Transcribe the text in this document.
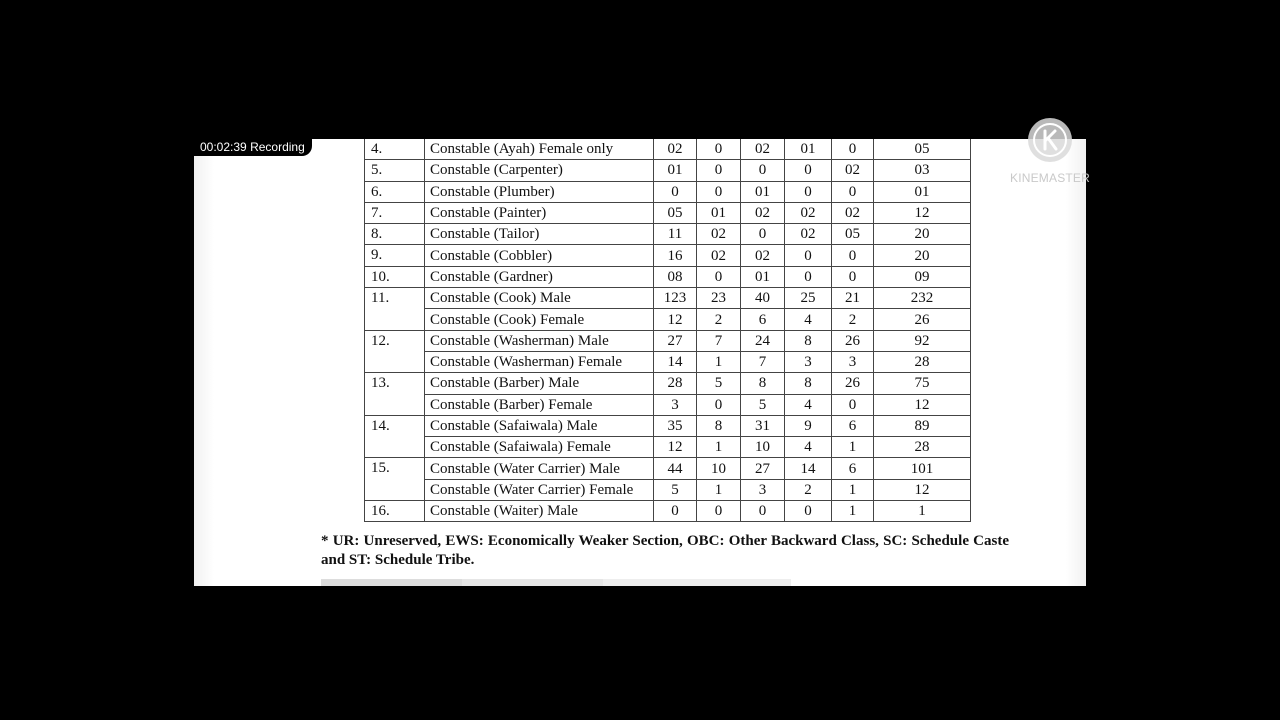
4.	Constable (Ayah) Female only	02	0	02	01	0	05
5.	Constable (Carpenter)	01	0	0	0	02	03
6.	Constable (Plumber)	0	0	01	0	0	01
7.	Constable (Painter)	05	01	02	02	02	12
8.	Constable (Tailor)	11	02	0	02	05	20
9.	Constable (Cobbler)	16	02	02	0	0	20
10.	Constable (Gardner)	08	0	01	0	0	09
11.	Constable (Cook) Male	123	23	40	25	21	232
	Constable (Cook) Female	12	2	6	4	2	26
12.	Constable (Washerman) Male	27	7	24	8	26	92
	Constable (Washerman) Female	14	1	7	3	3	28
13.	Constable (Barber) Male	28	5	8	8	26	75
	Constable (Barber) Female	3	0	5	4	0	12
14.	Constable (Safaiwala) Male	35	8	31	9	6	89
	Constable (Safaiwala) Female	12	1	10	4	1	28
15.	Constable (Water Carrier) Male	44	10	27	14	6	101
	Constable (Water Carrier) Female	5	1	3	2	1	12
16.	Constable (Waiter) Male	0	0	0	0	1	1
* UR: Unreserved, EWS: Economically Weaker Section, OBC: Other Backward Class, SC: Schedule Caste and ST: Schedule Tribe.
00:02:39 Recording
KINEMASTER
